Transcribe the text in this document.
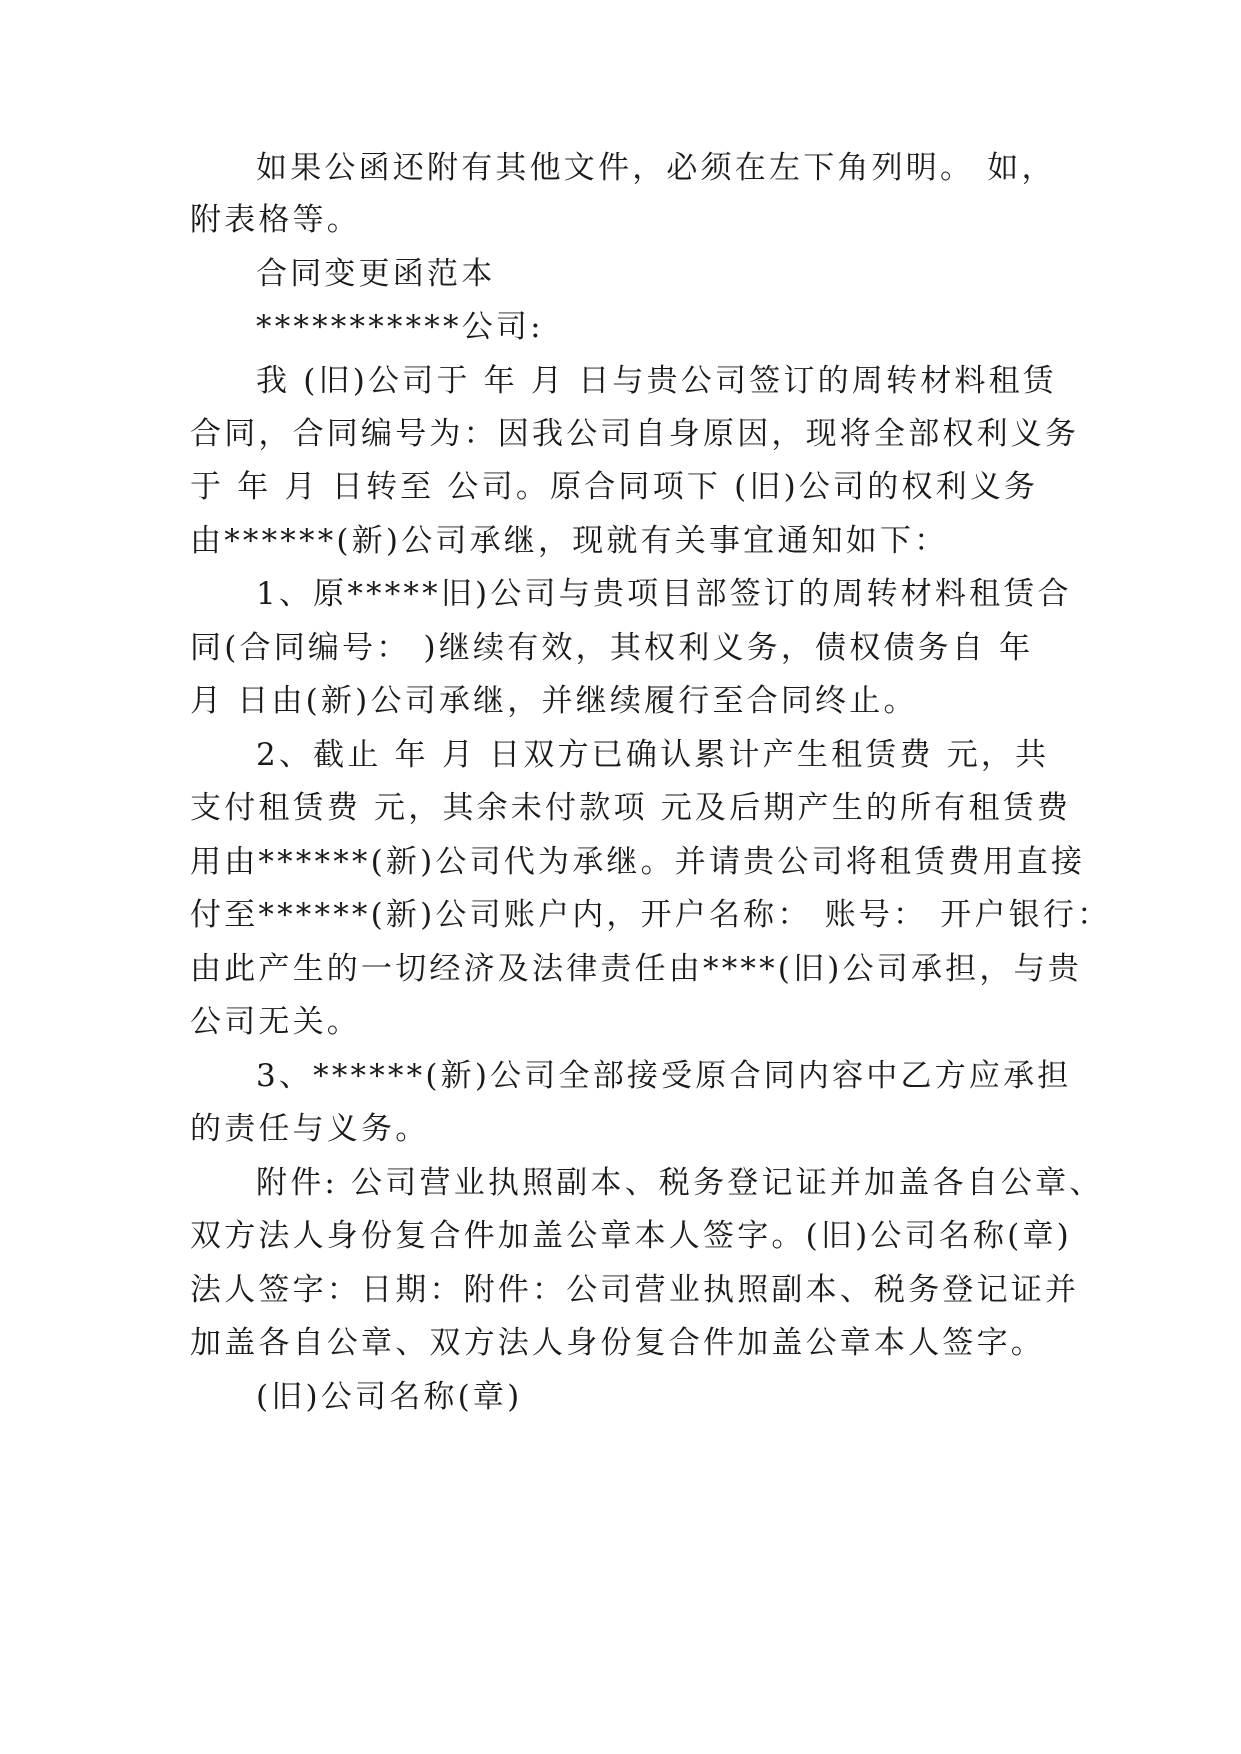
如果公函还附有其他文件，必须在左下角列明。 如，
附表格等。
合同变更函范本
***********公司:
我 (旧)公司于 年 月 日与贵公司签订的周转材料租赁
合同，合同编号为：因我公司自身原因，现将全部权利义务
于 年 月 日转至 公司。原合同项下 (旧)公司的权利义务
由******(新)公司承继，现就有关事宜通知如下：
1、原*****旧)公司与贵项目部签订的周转材料租赁合
同(合同编号： )继续有效，其权利义务，债权债务自 年
月 日由(新)公司承继，并继续履行至合同终止。
2、截止 年 月 日双方已确认累计产生租赁费 元，共
支付租赁费 元，其余未付款项 元及后期产生的所有租赁费
用由******(新)公司代为承继。并请贵公司将租赁费用直接
付至******(新)公司账户内，开户名称： 账号： 开户银行：
由此产生的一切经济及法律责任由****(旧)公司承担，与贵
公司无关。
3、******(新)公司全部接受原合同内容中乙方应承担
的责任与义务。
附件: 公司营业执照副本、税务登记证并加盖各自公章、
双方法人身份复合件加盖公章本人签字。(旧)公司名称(章)
法人签字：日期：附件：公司营业执照副本、税务登记证并
加盖各自公章、双方法人身份复合件加盖公章本人签字。
(旧)公司名称(章)
